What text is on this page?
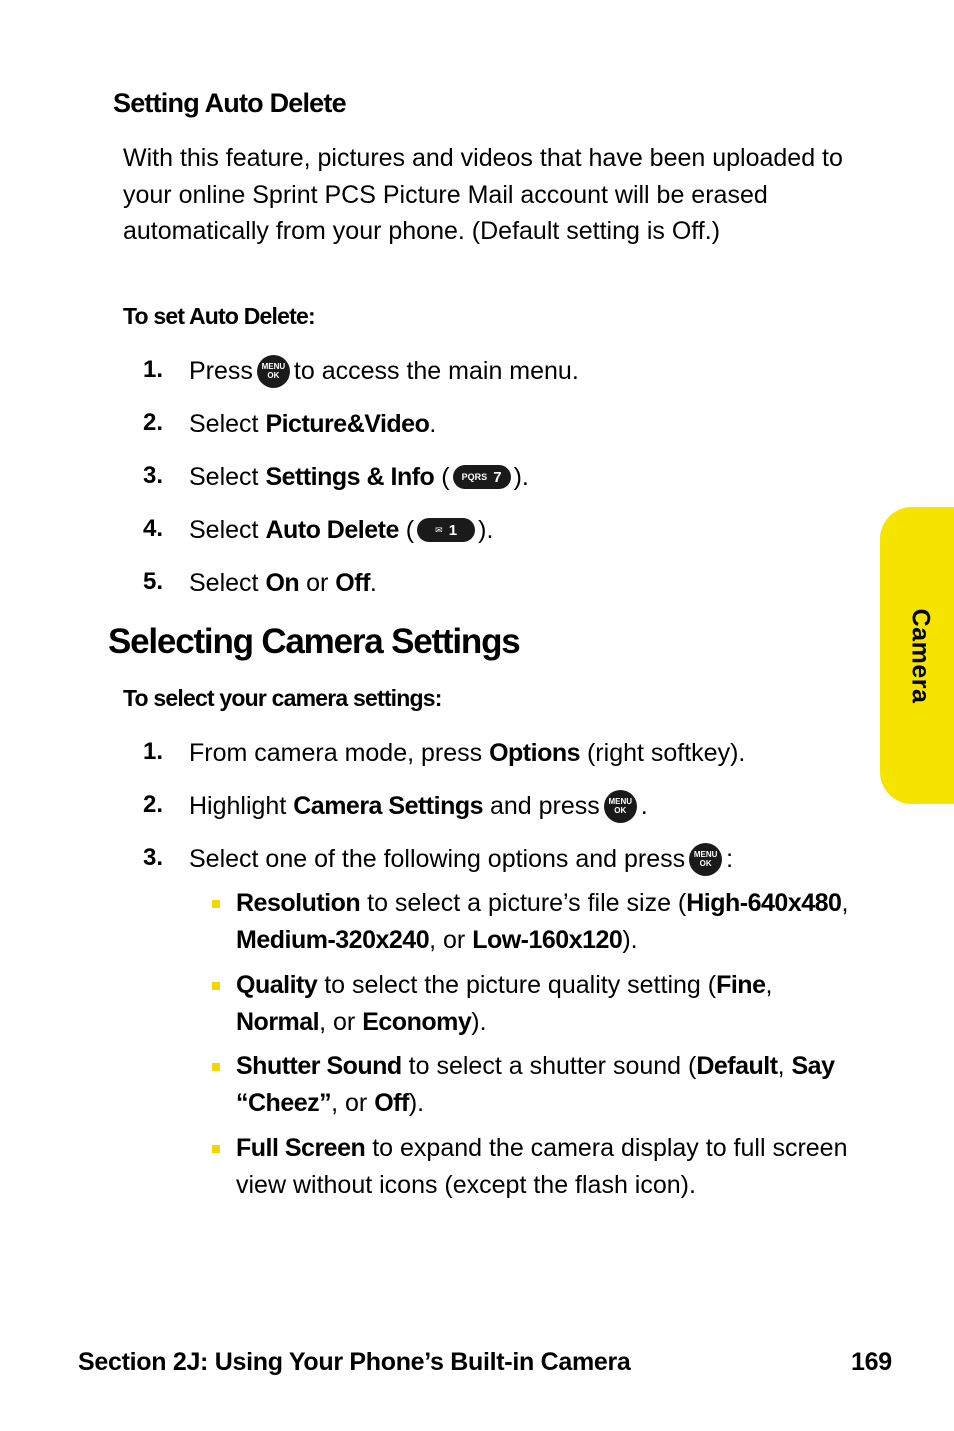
Setting Auto Delete
With this feature, pictures and videos that have been uploaded to your online Sprint PCS Picture Mail account will be erased automatically from your phone. (Default setting is Off.)
To set Auto Delete:
1. Press MENU
OK to access the main menu.
2. Select
Picture&Video .
3. Select
Settings & Info
( PQRS 7 ).
4. Select
Auto Delete
( ✉ 1 ).
5. Select
On
or
Off .
Selecting Camera Settings
To select your camera settings:
1. From camera mode, press
Options
(right softkey).
2. Highlight
Camera Settings
and press MENU
OK .
3. Select one of the following options and press MENU
OK :
Resolution to select a picture’s file size (High-640x480, Medium-320x240, or Low-160x120).
Quality to select the picture quality setting (Fine, Normal, or Economy).
Shutter Sound to select a shutter sound (Default, Say “Cheez”, or Off).
Full Screen to expand the camera display to full screen view without icons (except the flash icon).
Camera
Section 2J: Using Your Phone’s Built-in Camera	169
